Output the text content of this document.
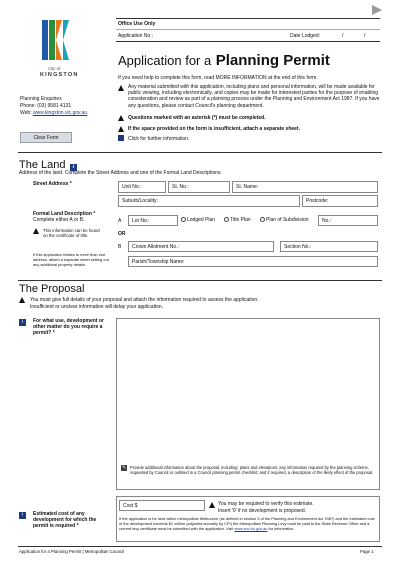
City of
KINGSTON
Planning Enquiries
Phone: (03) 9581 4131
Web: www.kingston.vic.gov.au
Clear Form
Office Use Only
Application No.:	Date Lodged:	/	/
Application for a Planning Permit
If you need help to complete this form, read MORE INFORMATION at the end of this form.
Any material submitted with this application, including plans and personal information, will be made available for public viewing, including electronically, and copies may be made for interested parties for the purpose of enabling consideration and review as part of a planning process under the Planning and Environment Act 1987. If you have any questions, please contact Council's planning department.
Questions marked with an asterisk (*) must be completed.
If the space provided on the form is insufficient, attach a separate sheet.
Click for further information.
The Land i
Address of the land. Complete the Street Address and one of the Formal Land Descriptions.
Street Address *	Unit No.:	St. No.:	St. Name:
Suburb/Locality:	Postcode:
Formal Land Description *
Complete either A or B.
This information can be found on the certificate of title.
If this application relates to more than one address, attach a separate sheet setting out any additional property details.
A	Lot No.:	Lodged Plan	Title Plan	Plan of Subdivision	No.:
OR
B	Crown Allotment No.:	Section No.:
Parish/Township Name:
The Proposal
You must give full details of your proposal and attach the information required to assess the application.
Insufficient or unclear information will delay your application.
i	For what use, development or other matter do you require a permit? *
✎ Provide additional information about the proposal, including: plans and elevations; any information required by the planning scheme, requested by Council or outlined in a Council planning permit checklist; and if required, a description of the likely effect of the proposal.
i	Estimated cost of any development for which the permit is required *
Cost $	You may be required to verify this estimate.
Insert '0' if no development is proposed.
If the application is for land within metropolitan Melbourne (as defined in section 3 of the Planning and Environment Act 1987) and the estimated cost of the development exceeds $1 million (adjusted annually by CPI) the Metropolitan Planning Levy must be paid to the State Revenue Office and a current levy certificate must be submitted with the application. Visit www.sro.vic.gov.au for information.
Application for a Planning Permit | Metropolitan Council	Page 1
